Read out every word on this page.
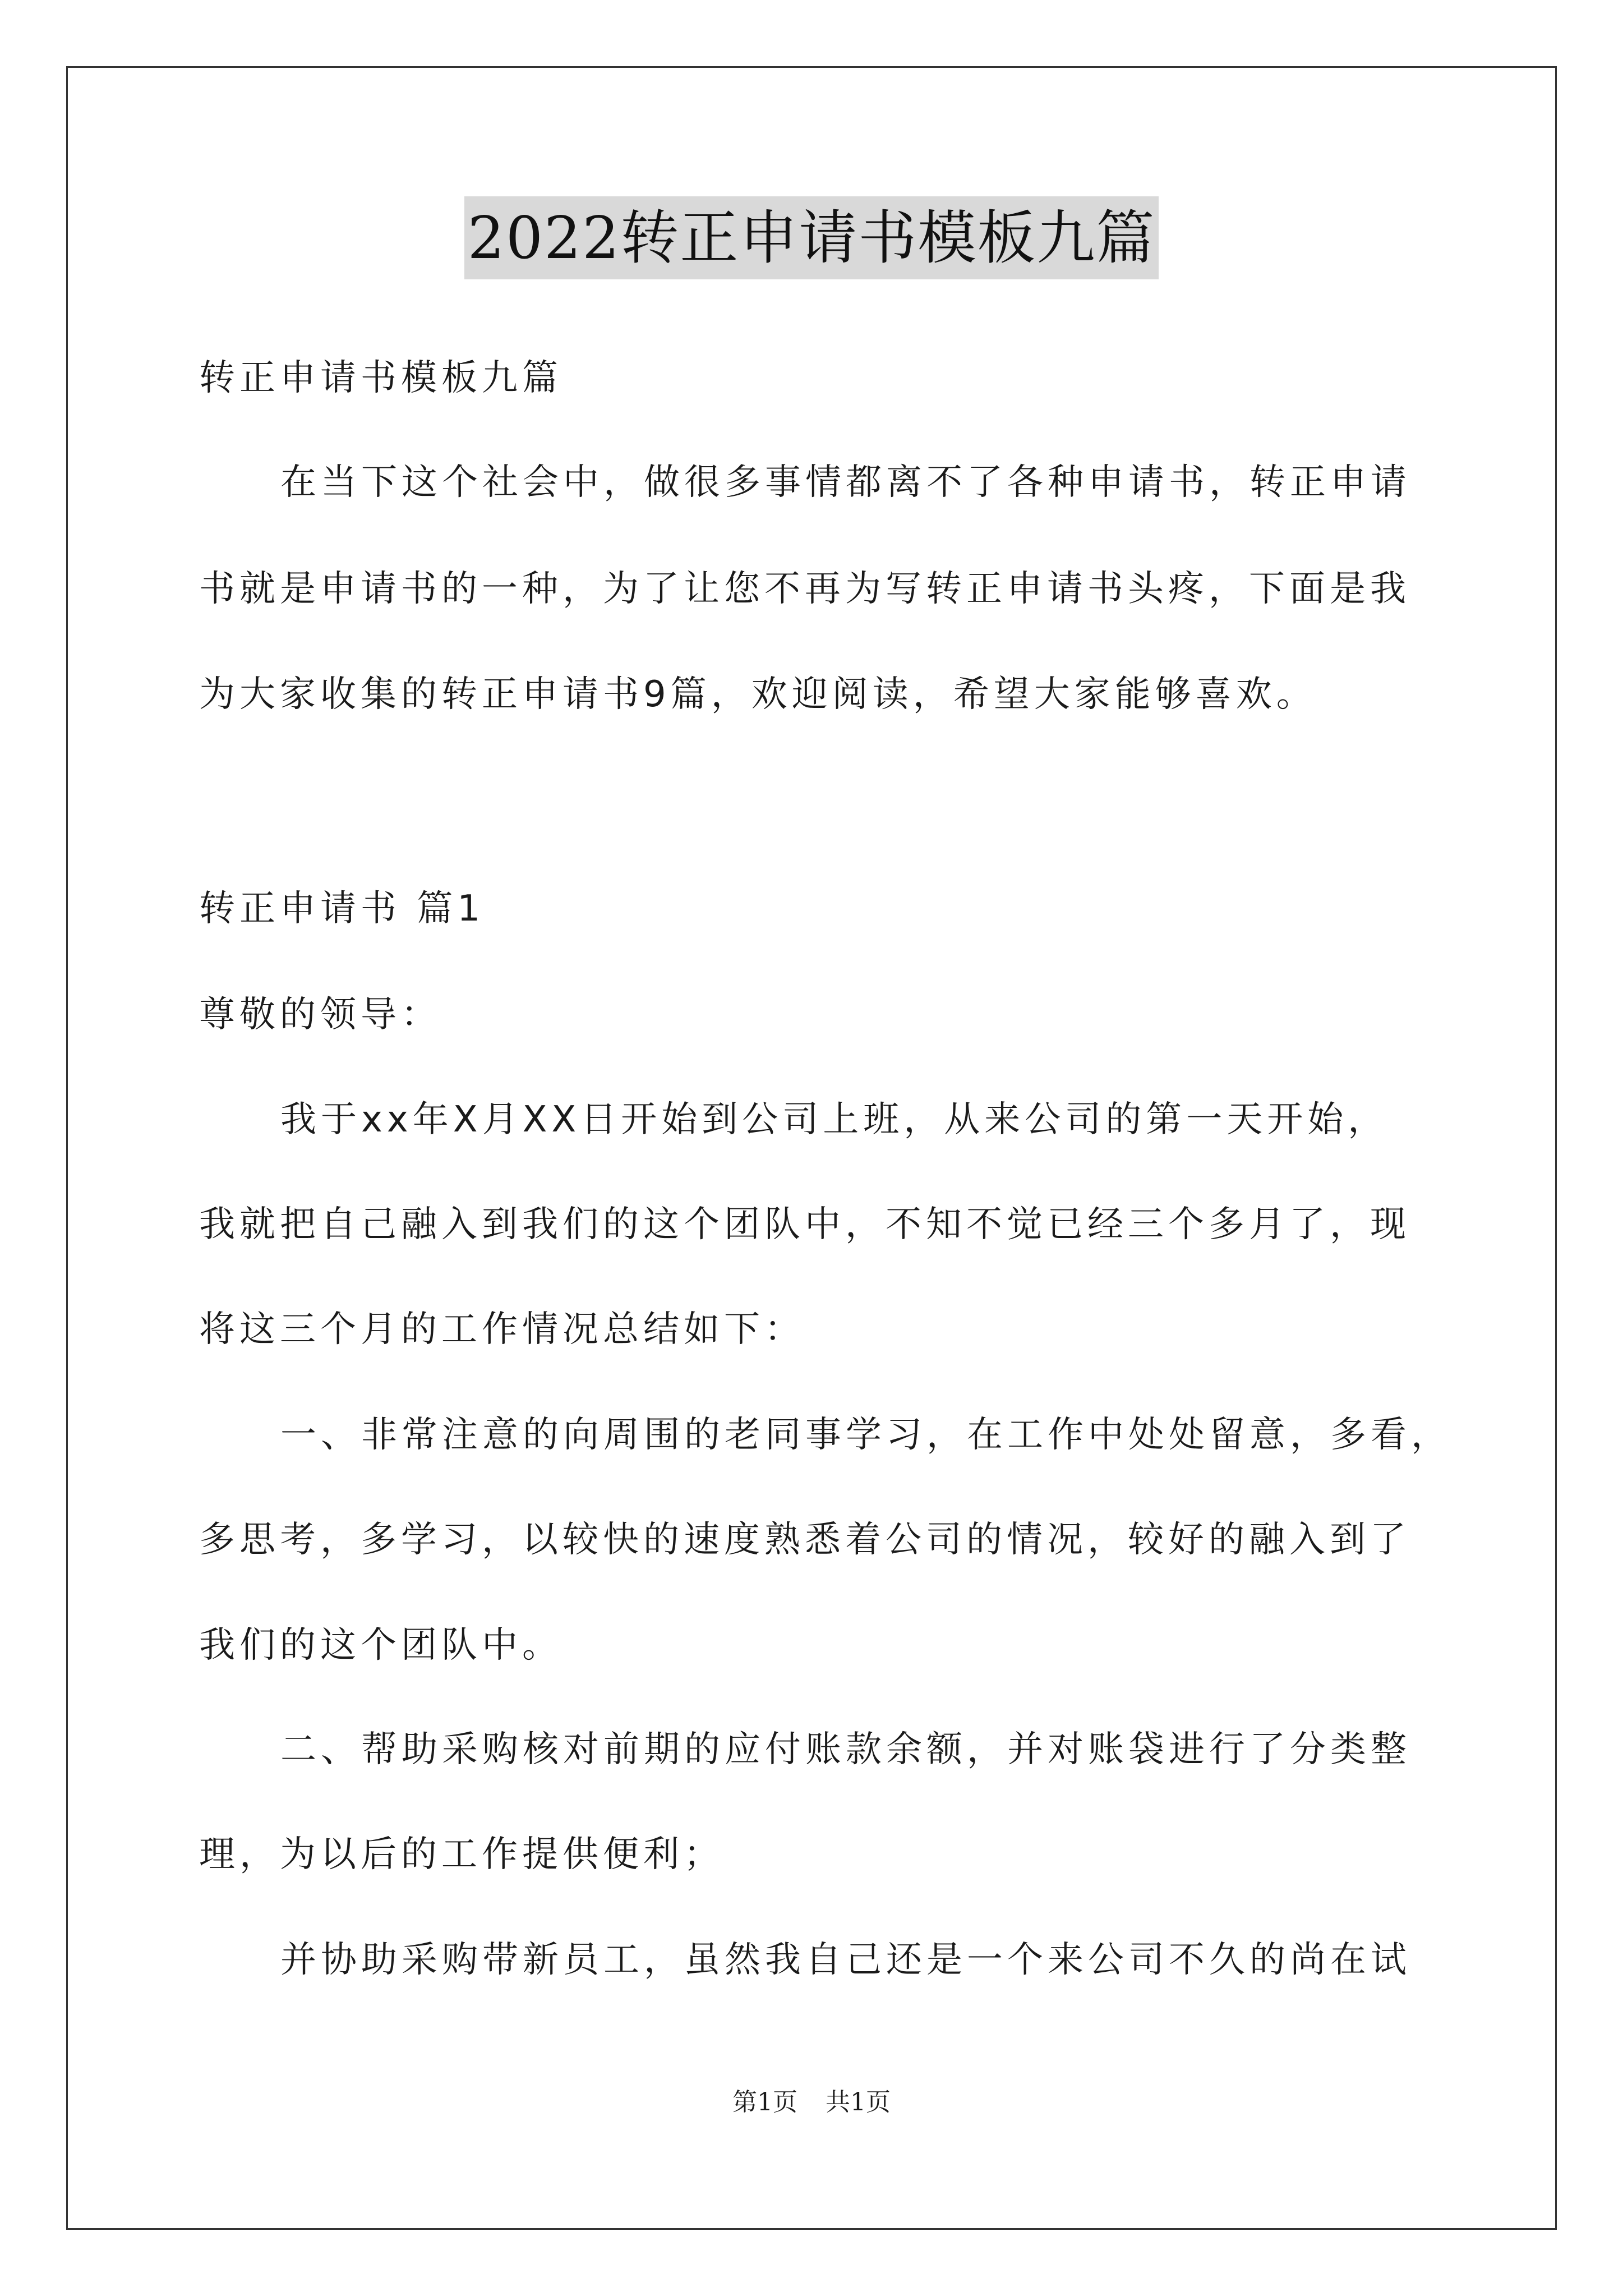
2022转正申请书模板九篇
转正申请书模板九篇
在当下这个社会中，做很多事情都离不了各种申请书，转正申请
书就是申请书的一种，为了让您不再为写转正申请书头疼，下面是我
为大家收集的转正申请书9篇，欢迎阅读，希望大家能够喜欢。
转正申请书 篇1
尊敬的领导：
我于xx年X月XX日开始到公司上班，从来公司的第一天开始，
我就把自己融入到我们的这个团队中，不知不觉已经三个多月了，现
将这三个月的工作情况总结如下：
一、非常注意的向周围的老同事学习，在工作中处处留意，多看，
多思考，多学习，以较快的速度熟悉着公司的情况，较好的融入到了
我们的这个团队中。
二、帮助采购核对前期的应付账款余额，并对账袋进行了分类整
理，为以后的工作提供便利；
并协助采购带新员工，虽然我自己还是一个来公司不久的尚在试
第1页 共1页
